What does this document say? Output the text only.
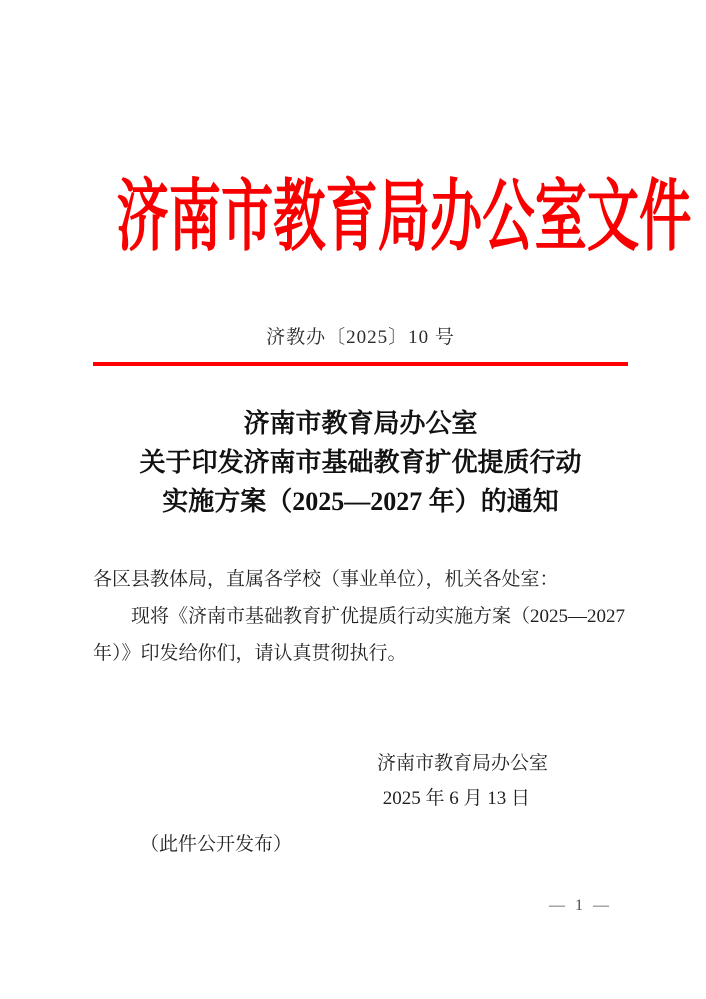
济南市教育局办公室文件
济教办〔2025〕10 号
济南市教育局办公室
关于印发济南市基础教育扩优提质行动
实施方案（2025—2027 年）的通知
各区县教体局，直属各学校（事业单位），机关各处室：
现将《济南市基础教育扩优提质行动实施方案（2025—2027
年）》印发给你们，请认真贯彻执行。
济南市教育局办公室
2025 年 6 月 13 日
（此件公开发布）
— 1 —
